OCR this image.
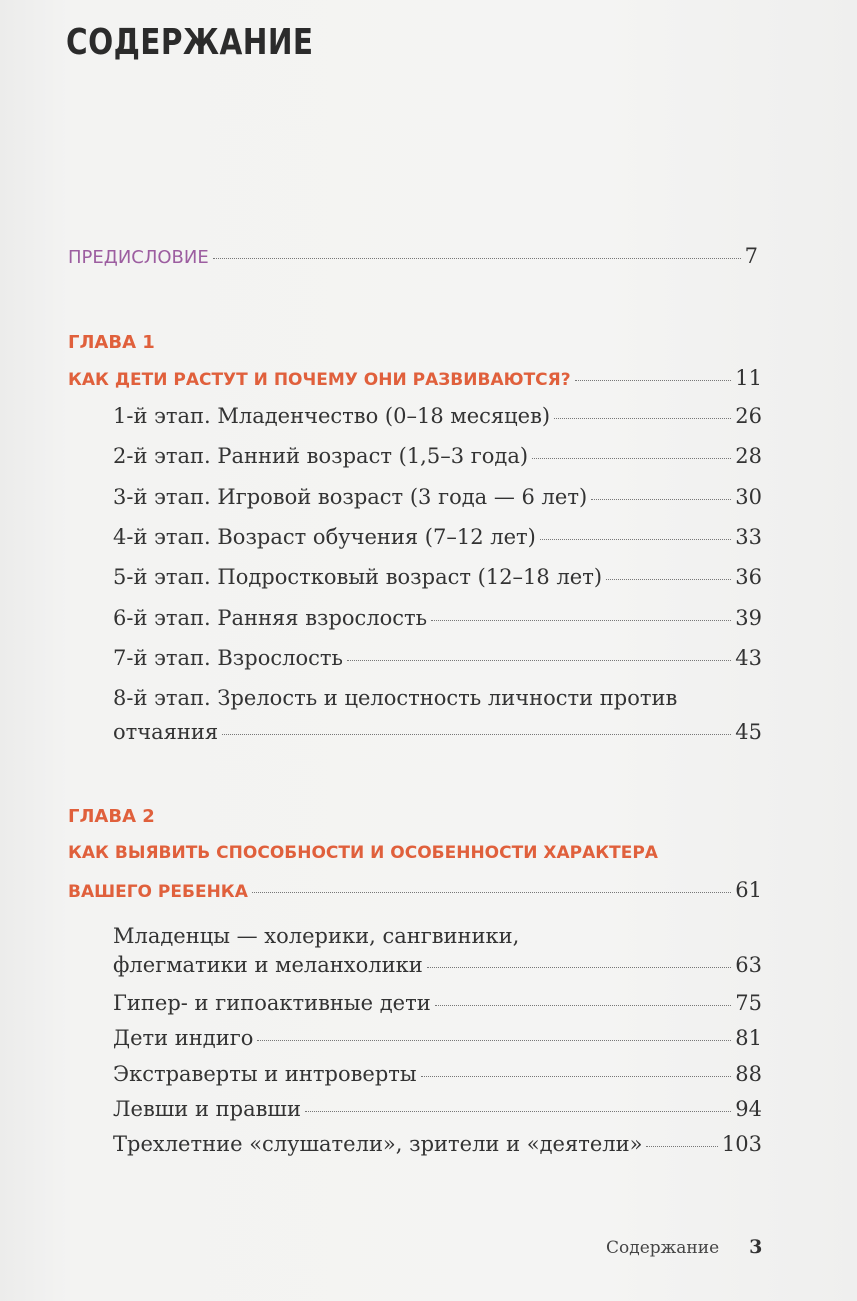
СОДЕРЖАНИЕ
ПРЕДИСЛОВИЕ	7
ГЛАВА 1
КАК ДЕТИ РАСТУТ И ПОЧЕМУ ОНИ РАЗВИВАЮТСЯ?	11
1-й этап. Младенчество (0–18 месяцев)	26
2-й этап. Ранний возраст (1,5–3 года)	28
3-й этап. Игровой возраст (3 года — 6 лет)	30
4-й этап. Возраст обучения (7–12 лет)	33
5-й этап. Подростковый возраст (12–18 лет)	36
6-й этап. Ранняя взрослость	39
7-й этап. Взрослость	43
8-й этап. Зрелость и целостность личности против
отчаяния	45
ГЛАВА 2
КАК ВЫЯВИТЬ СПОСОБНОСТИ И ОСОБЕННОСТИ ХАРАКТЕРА
ВАШЕГО РЕБЕНКА	61
Младенцы — холерики, сангвиники,
флегматики и меланхолики	63
Гипер- и гипоактивные дети	75
Дети индиго	81
Экстраверты и интроверты	88
Левши и правши	94
Трехлетние «слушатели», зрители и «деятели»	103
Содержание 3
